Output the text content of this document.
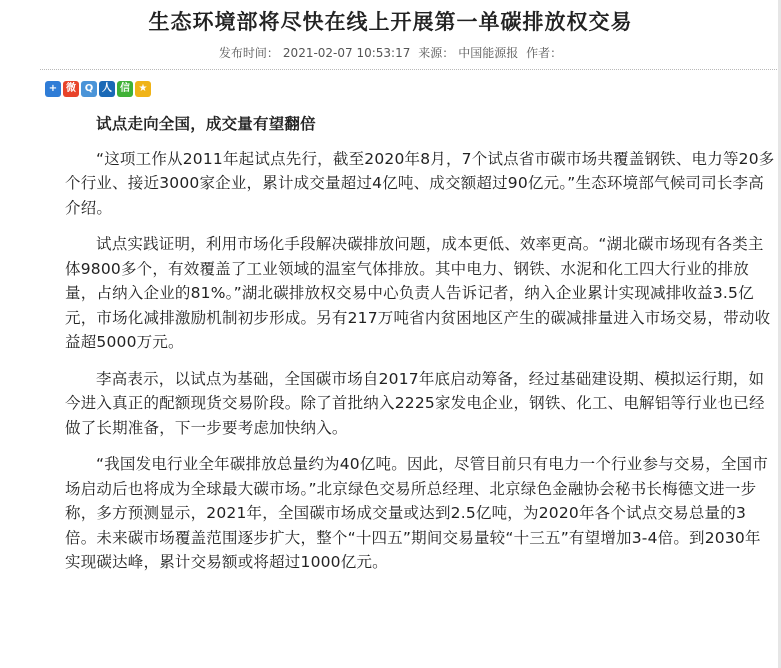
生态环境部将尽快在线上开展第一单碳排放权交易
发布时间： 2021-02-07 10:53:17 来源： 中国能源报 作者：
+ 微 Q 人 信 ★

试点走向全国，成交量有望翻倍

“这项工作从2011年起试点先行，截至2020年8月，7个试点省市碳市场共覆盖钢铁、电力等20多个行业、接近3000家企业，累计成交量超过4亿吨、成交额超过90亿元。”生态环境部气候司司长李高介绍。

试点实践证明，利用市场化手段解决碳排放问题，成本更低、效率更高。“湖北碳市场现有各类主体9800多个，有效覆盖了工业领域的温室气体排放。其中电力、钢铁、水泥和化工四大行业的排放量，占纳入企业的81%。”湖北碳排放权交易中心负责人告诉记者，纳入企业累计实现减排收益3.5亿元，市场化减排激励机制初步形成。另有217万吨省内贫困地区产生的碳减排量进入市场交易，带动收益超5000万元。

李高表示，以试点为基础，全国碳市场自2017年底启动筹备，经过基础建设期、模拟运行期，如今进入真正的配额现货交易阶段。除了首批纳入2225家发电企业，钢铁、化工、电解铝等行业也已经做了长期准备，下一步要考虑加快纳入。

“我国发电行业全年碳排放总量约为40亿吨。因此，尽管目前只有电力一个行业参与交易，全国市场启动后也将成为全球最大碳市场。”北京绿色交易所总经理、北京绿色金融协会秘书长梅德文进一步称，多方预测显示，2021年，全国碳市场成交量或达到2.5亿吨，为2020年各个试点交易总量的3倍。未来碳市场覆盖范围逐步扩大，整个“十四五”期间交易量较“十三五”有望增加3-4倍。到2030年实现碳达峰，累计交易额或将超过1000亿元。
